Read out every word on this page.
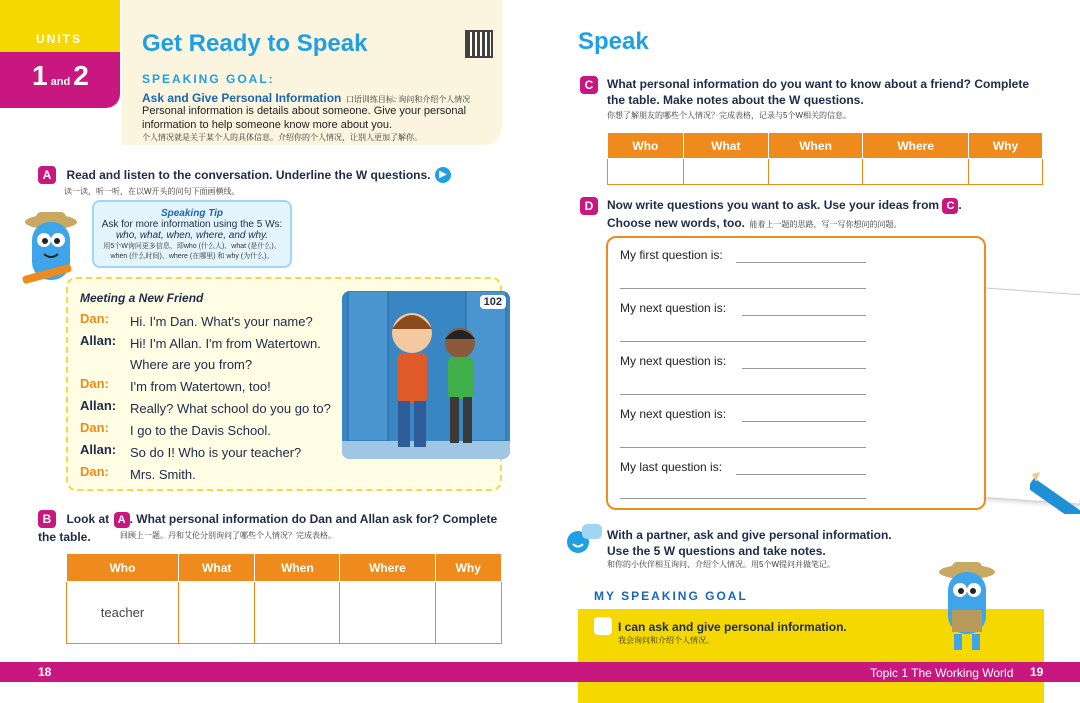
UNITS
1 and 2
Get Ready to Speak
SPEAKING GOAL:
Ask and Give Personal Information 口语训练目标: 询问和介绍个人情况
Personal information is details about someone. Give your personal information to help someone know more about you.
个人情况就是关于某个人的具体信息。介绍你的个人情况，让别人更加了解你。
A Read and listen to the conversation. Underline the W questions. ▶
读一读，听一听，在以W开头的问句下面画横线。
Speaking Tip
Ask for more information using the 5 Ws:
who, what, when, where, and why.
用5个W询问更多信息，即who (什么人)、what (是什么)、
when (什么时间)、where (在哪里) 和 why (为什么)。
Meeting a New Friend
Dan: Hi. I'm Dan. What's your name?
Allan: Hi! I'm Allan. I'm from Watertown. Where are you from?
Dan: I'm from Watertown, too!
Allan: Really? What school do you go to?
Dan: I go to the Davis School.
Allan: So do I! Who is your teacher?
Dan: Mrs. Smith.
102
B Look at A . What personal information do Dan and Allan ask for? Complete the table.	回顾上一题。丹和艾伦分别询问了哪些个人情况？完成表格。
Who	What	When	Where	Why
teacher				
Speak
C	What personal information do you want to know about a friend? Complete the table. Make notes about the W questions.
你想了解朋友的哪些个人情况？完成表格，记录与5个W相关的信息。
Who	What	When	Where	Why

D	Now write questions you want to ask. Use your ideas from C .
Choose new words, too. 能着上一题的思路，写一写你想问的问题。
My first question is:
My next question is:
My next question is:
My next question is:
My last question is:
With a partner, ask and give personal information.
Use the 5 W questions and take notes.
和你的小伙伴相互询问、介绍个人情况。用5个W提问并做笔记。
MY SPEAKING GOAL
I can ask and give personal information.
我会询问和介绍个人情况。
18	Topic 1 The Working World 19
